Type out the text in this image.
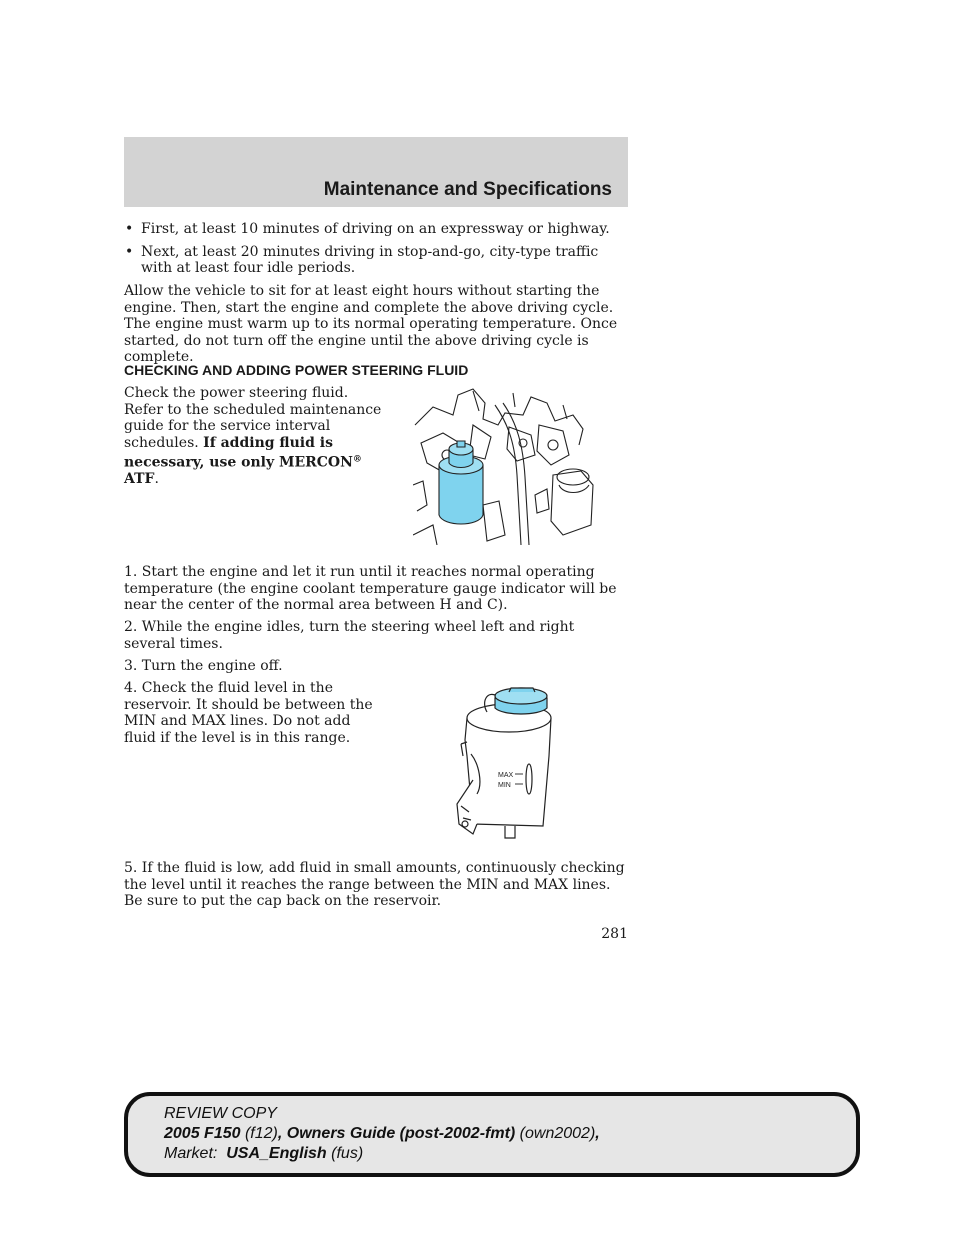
Maintenance and Specifications
• First, at least 10 minutes of driving on an expressway or highway.
• Next, at least 20 minutes driving in stop-and-go, city-type traffic with at least four idle periods.

Allow the vehicle to sit for at least eight hours without starting the engine. Then, start the engine and complete the above driving cycle. The engine must warm up to its normal operating temperature. Once started, do not turn off the engine until the above driving cycle is complete.

CHECKING AND ADDING POWER STEERING FLUID

Check the power steering fluid. Refer to the scheduled maintenance guide for the service interval schedules. If adding fluid is necessary, use only MERCON® ATF.

1. Start the engine and let it run until it reaches normal operating temperature (the engine coolant temperature gauge indicator will be near the center of the normal area between H and C).

2. While the engine idles, turn the steering wheel left and right several times.

3. Turn the engine off.

4. Check the fluid level in the reservoir. It should be between the MIN and MAX lines. Do not add fluid if the level is in this range.

MAX
MIN

5. If the fluid is low, add fluid in small amounts, continuously checking the level until it reaches the range between the MIN and MAX lines. Be sure to put the cap back on the reservoir.

281
REVIEW COPY
2005 F150 (f12), Owners Guide (post-2002-fmt) (own2002),
Market: USA_English (fus)
